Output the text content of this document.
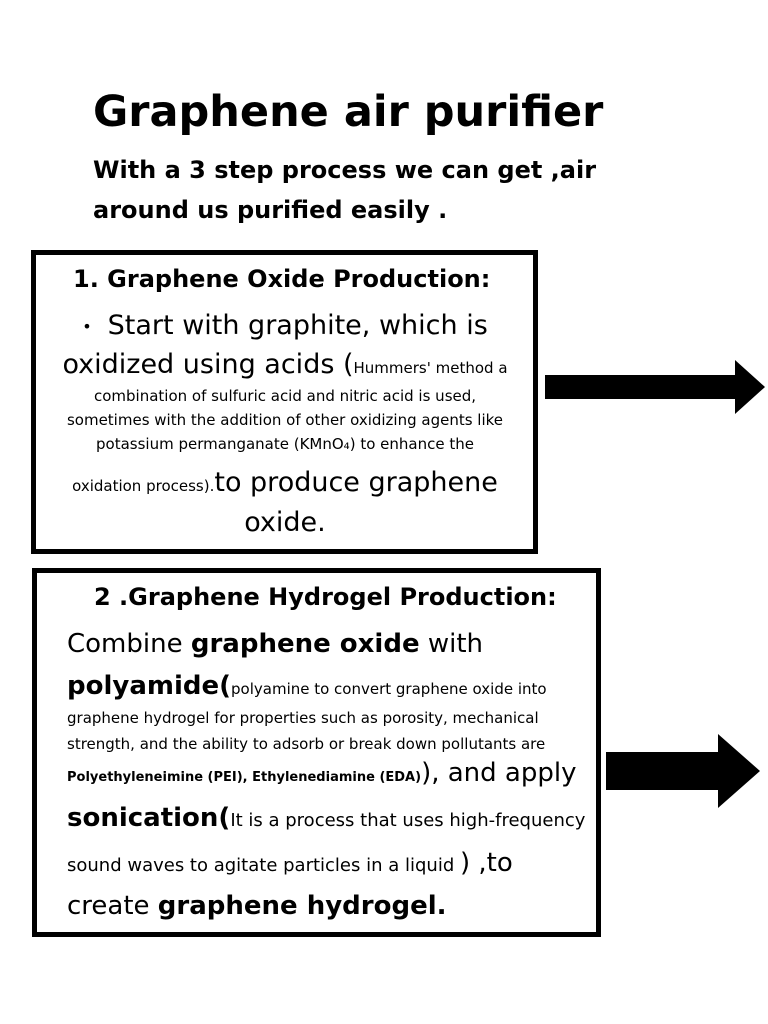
Graphene air purifier

With a 3 step process we can get ,air around us purified easily .

1. Graphene Oxide Production:
• Start with graphite, which is
oxidized using acids (Hummers' method a
combination of sulfuric acid and nitric acid is used,
sometimes with the addition of other oxidizing agents like
potassium permanganate (KMnO₄) to enhance the
oxidation process).to produce graphene
oxide.
2 .Graphene Hydrogel Production:
Combine graphene oxide with
polyamide(polyamine to convert graphene oxide into
graphene hydrogel for properties such as porosity, mechanical
strength, and the ability to adsorb or break down pollutants are
Polyethyleneimine (PEI), Ethylenediamine (EDA)), and apply
sonication(It is a process that uses high-frequency
sound waves to agitate particles in a liquid ) ,to
create graphene hydrogel.
